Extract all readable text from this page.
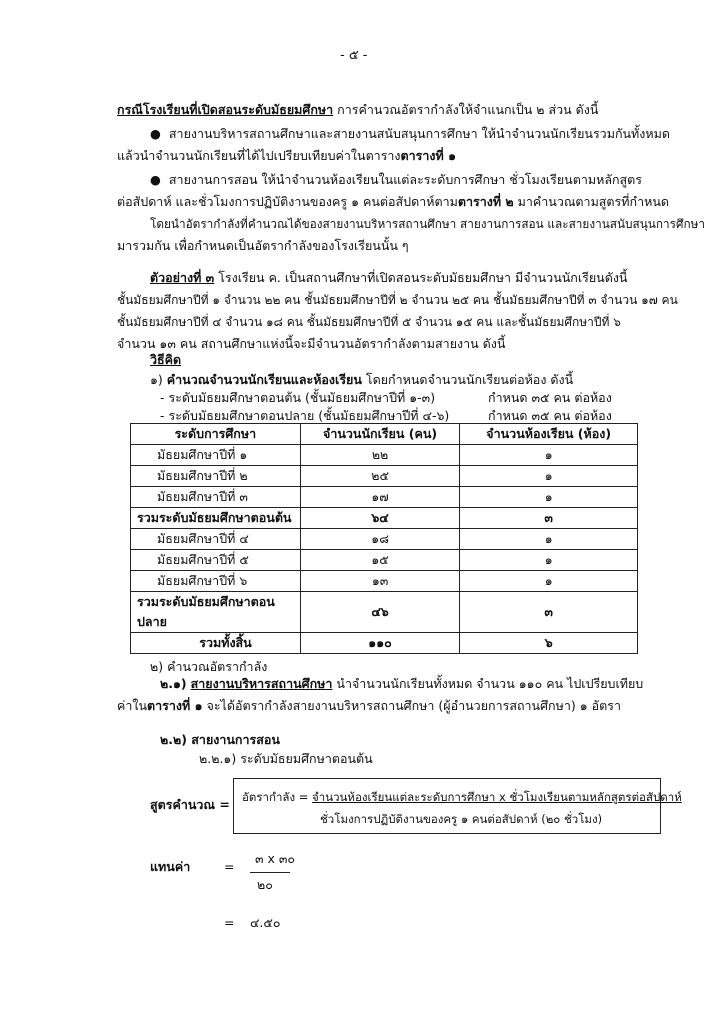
- ๕ -
กรณีโรงเรียนที่เปิดสอนระดับมัธยมศึกษา การคำนวณอัตรากำลังให้จำแนกเป็น ๒ ส่วน ดังนี้
● สายงานบริหารสถานศึกษาและสายงานสนับสนุนการศึกษา ให้นำจำนวนนักเรียนรวมกันทั้งหมด
แล้วนำจำนวนนักเรียนที่ได้ไปเปรียบเทียบค่าในตารางตารางที่ ๑
● สายงานการสอน ให้นำจำนวนห้องเรียนในแต่ละระดับการศึกษา ชั่วโมงเรียนตามหลักสูตร
ต่อสัปดาห์ และชั่วโมงการปฏิบัติงานของครู ๑ คนต่อสัปดาห์ตามตารางที่ ๒ มาคำนวณตามสูตรที่กำหนด
โดยนำอัตรากำลังที่คำนวณได้ของสายงานบริหารสถานศึกษา สายงานการสอน และสายงานสนับสนุนการศึกษา
มารวมกัน เพื่อกำหนดเป็นอัตรากำลังของโรงเรียนนั้น ๆ
ตัวอย่างที่ ๓ โรงเรียน ค. เป็นสถานศึกษาที่เปิดสอนระดับมัธยมศึกษา มีจำนวนนักเรียนดังนี้
ชั้นมัธยมศึกษาปีที่ ๑ จำนวน ๒๒ คน ชั้นมัธยมศึกษาปีที่ ๒ จำนวน ๒๕ คน ชั้นมัธยมศึกษาปีที่ ๓ จำนวน ๑๗ คน
ชั้นมัธยมศึกษาปีที่ ๔ จำนวน ๑๘ คน ชั้นมัธยมศึกษาปีที่ ๕ จำนวน ๑๕ คน และชั้นมัธยมศึกษาปีที่ ๖
จำนวน ๑๓ คน สถานศึกษาแห่งนี้จะมีจำนวนอัตรากำลังตามสายงาน ดังนี้
วิธีคิด
๑) คำนวณจำนวนนักเรียนและห้องเรียน โดยกำหนดจำนวนนักเรียนต่อห้อง ดังนี้
- ระดับมัธยมศึกษาตอนต้น (ชั้นมัธยมศึกษาปีที่ ๑-๓)	กำหนด ๓๕ คน ต่อห้อง
- ระดับมัธยมศึกษาตอนปลาย (ชั้นมัธยมศึกษาปีที่ ๔-๖)	กำหนด ๓๕ คน ต่อห้อง
ระดับการศึกษา	จำนวนนักเรียน (คน)	จำนวนห้องเรียน (ห้อง)
มัธยมศึกษาปีที่ ๑	๒๒	๑
มัธยมศึกษาปีที่ ๒	๒๕	๑
มัธยมศึกษาปีที่ ๓	๑๗	๑
รวมระดับมัธยมศึกษาตอนต้น	๖๔	๓
มัธยมศึกษาปีที่ ๔	๑๘	๑
มัธยมศึกษาปีที่ ๕	๑๕	๑
มัธยมศึกษาปีที่ ๖	๑๓	๑
รวมระดับมัธยมศึกษาตอนปลาย	๔๖	๓
รวมทั้งสิ้น	๑๑๐	๖
๒) คำนวณอัตรากำลัง
๒.๑) สายงานบริหารสถานศึกษา นำจำนวนนักเรียนทั้งหมด จำนวน ๑๑๐ คน ไปเปรียบเทียบ
ค่าในตารางที่ ๑ จะได้อัตรากำลังสายงานบริหารสถานศึกษา (ผู้อำนวยการสถานศึกษา) ๑ อัตรา
๒.๒) สายงานการสอน
๒.๒.๑) ระดับมัธยมศึกษาตอนต้น
สูตรคำนวณ = อัตรากำลัง = จำนวนห้องเรียนแต่ละระดับการศึกษา x ชั่วโมงเรียนตามหลักสูตรต่อสัปดาห์
ชั่วโมงการปฏิบัติงานของครู ๑ คนต่อสัปดาห์ (๒๐ ชั่วโมง)
แทนค่า	=
๓ x ๓๐
๒๐
= ๔.๕๐
